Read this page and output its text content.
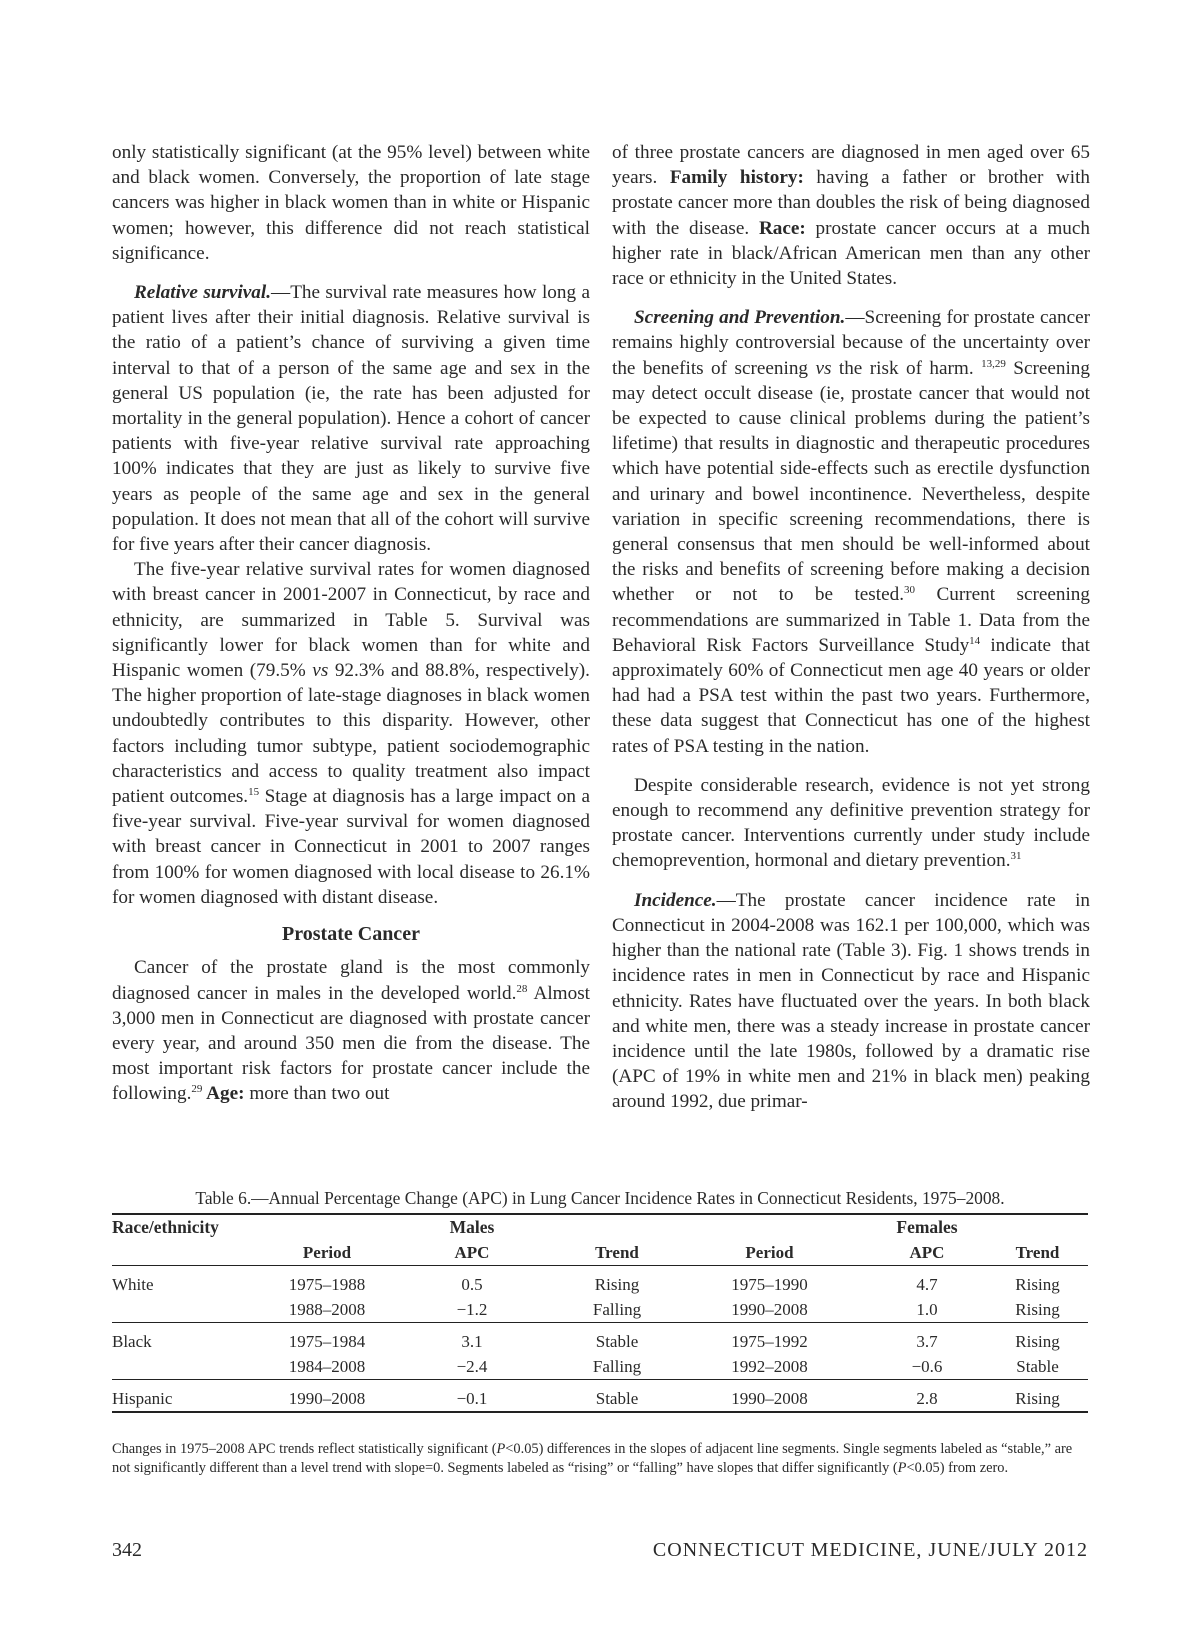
only statistically significant (at the 95% level) between white and black women. Conversely, the proportion of late stage cancers was higher in black women than in white or Hispanic women; however, this difference did not reach statistical significance.

Relative survival.—The survival rate measures how long a patient lives after their initial diagnosis. Relative survival is the ratio of a patient’s chance of surviving a given time interval to that of a person of the same age and sex in the general US population (ie, the rate has been adjusted for mortality in the general population). Hence a cohort of cancer patients with five-year relative survival rate approaching 100% indicates that they are just as likely to survive five years as people of the same age and sex in the general population. It does not mean that all of the cohort will survive for five years after their cancer diagnosis.

The five-year relative survival rates for women diagnosed with breast cancer in 2001-2007 in Connecticut, by race and ethnicity, are summarized in Table 5. Survival was significantly lower for black women than for white and Hispanic women (79.5% vs 92.3% and 88.8%, respectively). The higher proportion of late-stage diagnoses in black women undoubtedly contributes to this disparity. However, other factors including tumor subtype, patient sociodemographic characteristics and access to quality treatment also impact patient outcomes.$^{15}$ Stage at diagnosis has a large impact on a five-year survival. Five-year survival for women diagnosed with breast cancer in Connecticut in 2001 to 2007 ranges from 100% for women diagnosed with local disease to 26.1% for women diagnosed with distant disease.

Prostate Cancer

Cancer of the prostate gland is the most commonly diagnosed cancer in males in the developed world.$^{28}$ Almost 3,000 men in Connecticut are diagnosed with prostate cancer every year, and around 350 men die from the disease. The most important risk factors for prostate cancer include the following.$^{29}$ Age: more than two out

of three prostate cancers are diagnosed in men aged over 65 years. Family history: having a father or brother with prostate cancer more than doubles the risk of being diagnosed with the disease. Race: prostate cancer occurs at a much higher rate in black/African American men than any other race or ethnicity in the United States.

Screening and Prevention.—Screening for prostate cancer remains highly controversial because of the uncertainty over the benefits of screening vs the risk of harm. $^{13,29}$ Screening may detect occult disease (ie, prostate cancer that would not be expected to cause clinical problems during the patient’s lifetime) that results in diagnostic and therapeutic procedures which have potential side-effects such as erectile dysfunction and urinary and bowel incontinence. Nevertheless, despite variation in specific screening recommendations, there is general consensus that men should be well-informed about the risks and benefits of screening before making a decision whether or not to be tested.$^{30}$ Current screening recommendations are summarized in Table 1. Data from the Behavioral Risk Factors Surveillance Study$^{14}$ indicate that approximately 60% of Connecticut men age 40 years or older had had a PSA test within the past two years. Furthermore, these data suggest that Connecticut has one of the highest rates of PSA testing in the nation.

Despite considerable research, evidence is not yet strong enough to recommend any definitive prevention strategy for prostate cancer. Interventions currently under study include chemoprevention, hormonal and dietary prevention.$^{31}$

Incidence.—The prostate cancer incidence rate in Connecticut in 2004-2008 was 162.1 per 100,000, which was higher than the national rate (Table 3). Fig. 1 shows trends in incidence rates in men in Connecticut by race and Hispanic ethnicity. Rates have fluctuated over the years. In both black and white men, there was a steady increase in prostate cancer incidence until the late 1980s, followed by a dramatic rise (APC of 19% in white men and 21% in black men) peaking around 1992, due primar-

Table 6.—Annual Percentage Change (APC) in Lung Cancer Incidence Rates in Connecticut Residents, 1975–2008.
Race/ethnicity		Males			Females	
	Period	APC	Trend	Period	APC	Trend

White	1975–1988	0.5	Rising	1975–1990	4.7	Rising
	1988–2008	−1.2	Falling	1990–2008	1.0	Rising

Black	1975–1984	3.1	Stable	1975–1992	3.7	Rising
	1984–2008	−2.4	Falling	1992–2008	−0.6	Stable

Hispanic	1990–2008	−0.1	Stable	1990–2008	2.8	Rising
Changes in 1975–2008 APC trends reflect statistically significant (P<0.05) differences in the slopes of adjacent line segments. Single segments labeled as “stable,” are not significantly different than a level trend with slope=0. Segments labeled as “rising” or “falling” have slopes that differ significantly (P<0.05) from zero.
342	CONNECTICUT MEDICINE, JUNE/JULY 2012
